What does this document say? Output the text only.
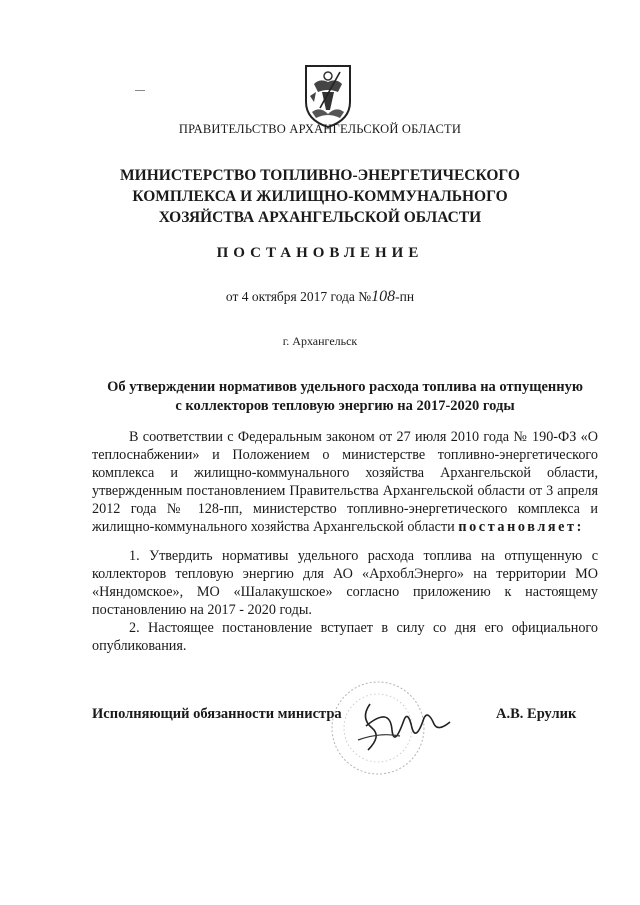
ПРАВИТЕЛЬСТВО АРХАНГЕЛЬСКОЙ ОБЛАСТИ
МИНИСТЕРСТВО ТОПЛИВНО-ЭНЕРГЕТИЧЕСКОГО
КОМПЛЕКСА И ЖИЛИЩНО-КОММУНАЛЬНОГО
ХОЗЯЙСТВА АРХАНГЕЛЬСКОЙ ОБЛАСТИ
ПОСТАНОВЛЕНИЕ
от 4 октября 2017 года №108-пн
г. Архангельск
Об утверждении нормативов удельного расхода топлива на отпущенную
с коллекторов тепловую энергию на 2017-2020 годы
В соответствии с Федеральным законом от 27 июля 2010 года № 190-ФЗ «О теплоснабжении» и Положением о министерстве топливно-энергетического комплекса и жилищно-коммунального хозяйства Архангельской области, утвержденным постановлением Правительства Архангельской области от 3 апреля 2012 года № 128-пп, министерство топливно-энергетического комплекса и жилищно-коммунального хозяйства Архангельской области постановляет:
1. Утвердить нормативы удельного расхода топлива на отпущенную с коллекторов тепловую энергию для АО «АрхоблЭнерго» на территории МО «Няндомское», МО «Шалакушское» согласно приложению к настоящему постановлению на 2017 - 2020 годы.
2. Настоящее постановление вступает в силу со дня его официального опубликования.
Исполняющий обязанности министра	А.В. Ерулик
